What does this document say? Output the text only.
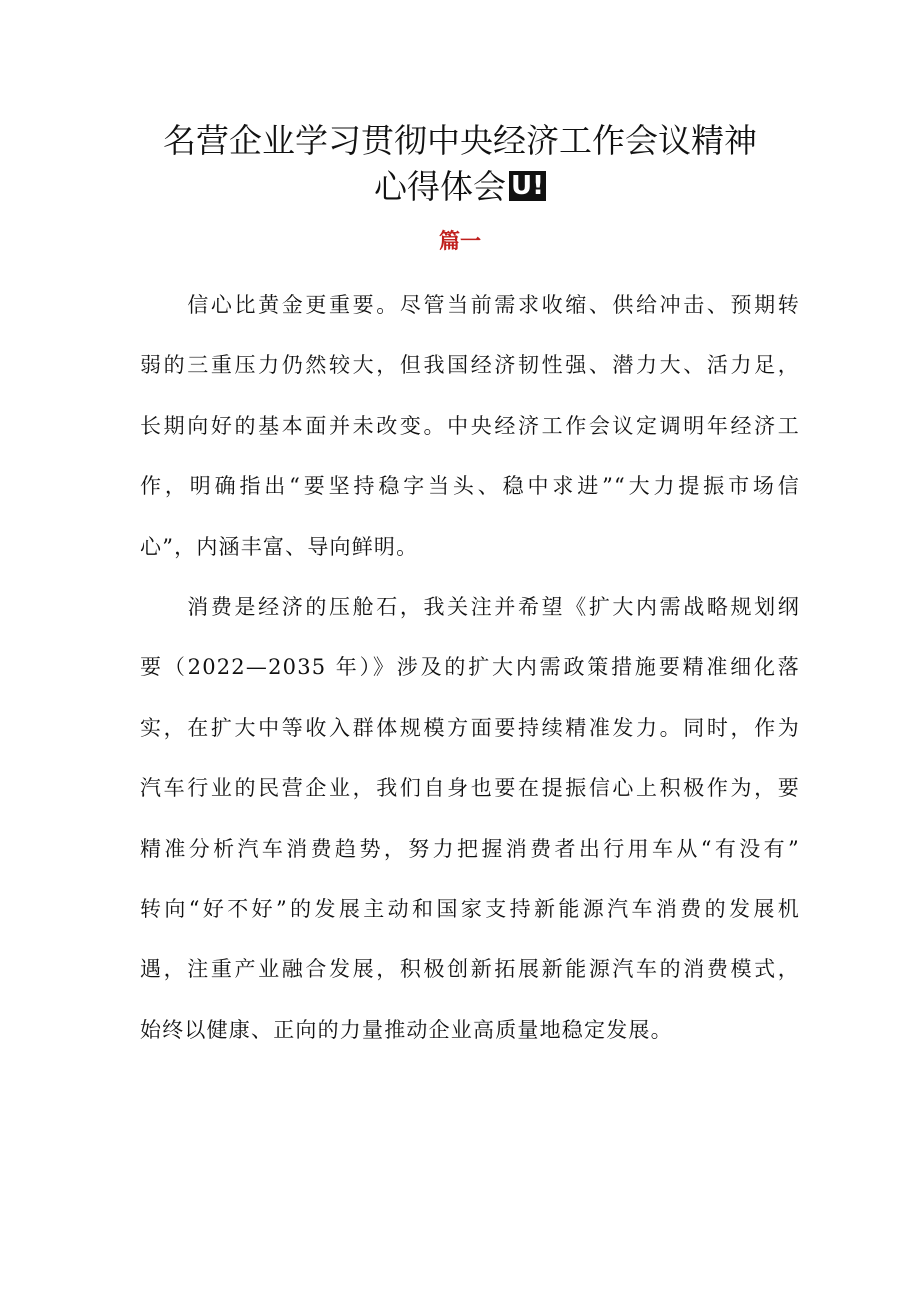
名营企业学习贯彻中央经济工作会议精神
心得体会 U!
篇一
　　信心比黄金更重要。尽管当前需求收缩、供给冲击、预期转
弱的三重压力仍然较大，但我国经济韧性强、潜力大、活力足，
长期向好的基本面并未改变。中央经济工作会议定调明年经济工
作，明确指出“要坚持稳字当头、稳中求进”“大力提振市场信
心”，内涵丰富、导向鲜明。
　　消费是经济的压舱石，我关注并希望《扩大内需战略规划纲
要（2022—2035 年）》涉及的扩大内需政策措施要精准细化落
实，在扩大中等收入群体规模方面要持续精准发力。同时，作为
汽车行业的民营企业，我们自身也要在提振信心上积极作为，要
精准分析汽车消费趋势，努力把握消费者出行用车从“有没有”
转向“好不好”的发展主动和国家支持新能源汽车消费的发展机
遇，注重产业融合发展，积极创新拓展新能源汽车的消费模式，
始终以健康、正向的力量推动企业高质量地稳定发展。
